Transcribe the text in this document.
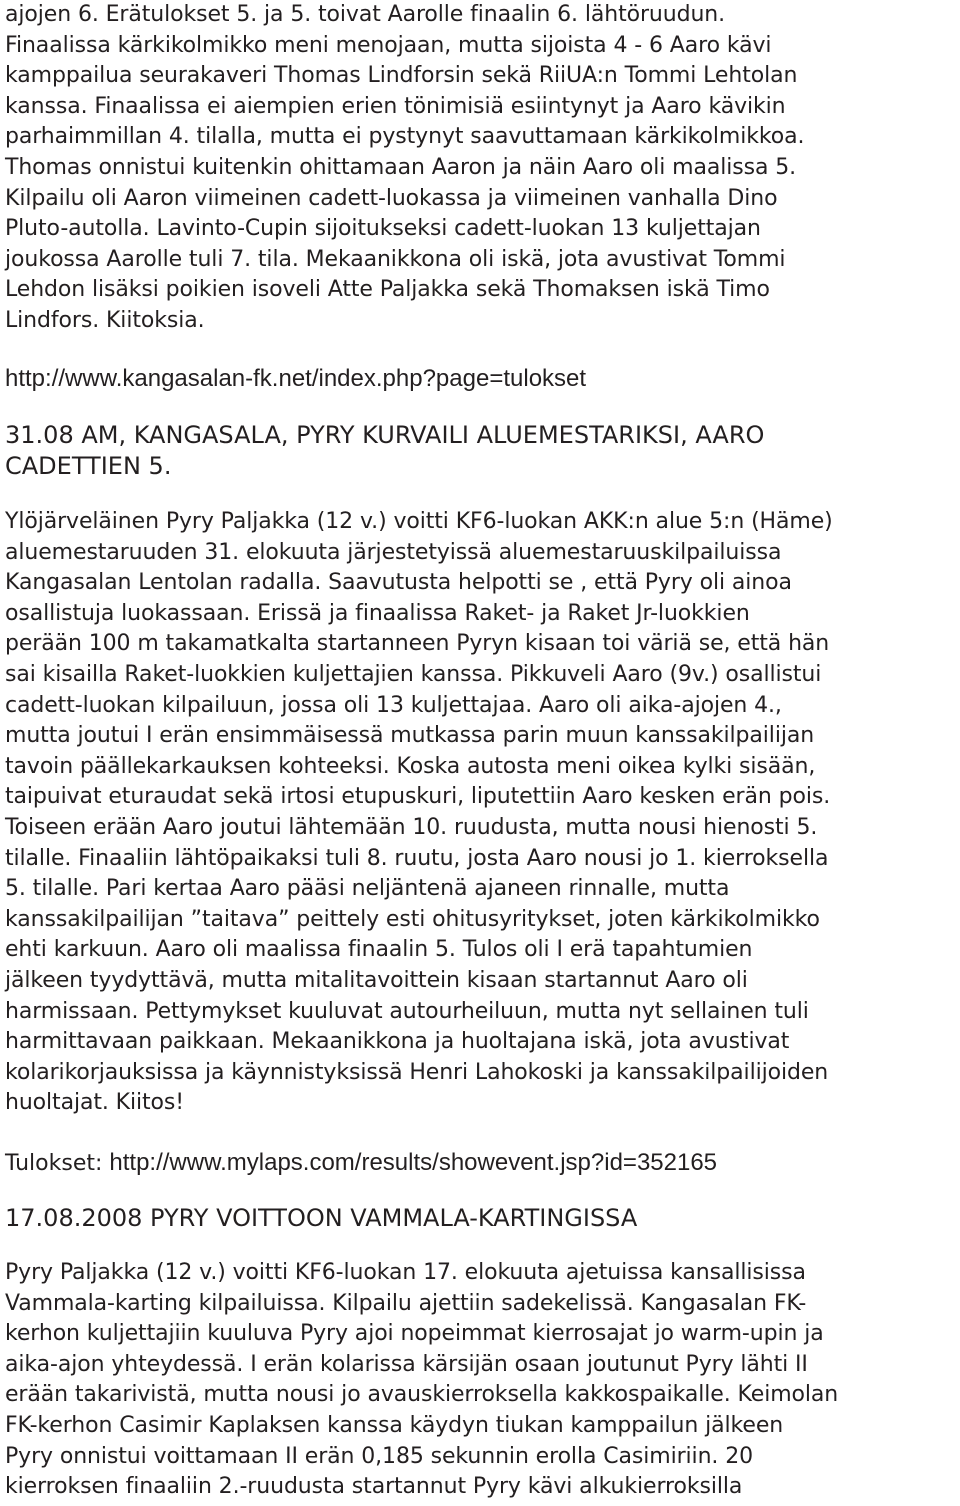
ajojen 6. Erätulokset 5. ja 5. toivat Aarolle finaalin 6. lähtöruudun.
Finaalissa kärkikolmikko meni menojaan, mutta sijoista 4 - 6 Aaro kävi
kamppailua seurakaveri Thomas Lindforsin sekä RiiUA:n Tommi Lehtolan
kanssa. Finaalissa ei aiempien erien tönimisiä esiintynyt ja Aaro kävikin
parhaimmillan 4. tilalla, mutta ei pystynyt saavuttamaan kärkikolmikkoa.
Thomas onnistui kuitenkin ohittamaan Aaron ja näin Aaro oli maalissa 5.
Kilpailu oli Aaron viimeinen cadett-luokassa ja viimeinen vanhalla Dino
Pluto-autolla. Lavinto-Cupin sijoitukseksi cadett-luokan 13 kuljettajan
joukossa Aarolle tuli 7. tila. Mekaanikkona oli iskä, jota avustivat Tommi
Lehdon lisäksi poikien isoveli Atte Paljakka sekä Thomaksen iskä Timo
Lindfors. Kiitoksia.
http://www.kangasalan-fk.net/index.php?page=tulokset
31.08 AM, KANGASALA, PYRY KURVAILI ALUEMESTARIKSI, AARO
CADETTIEN 5.
Ylöjärveläinen Pyry Paljakka (12 v.) voitti KF6-luokan AKK:n alue 5:n (Häme)
aluemestaruuden 31. elokuuta järjestetyissä aluemestaruuskilpailuissa
Kangasalan Lentolan radalla. Saavutusta helpotti se , että Pyry oli ainoa
osallistuja luokassaan. Erissä ja finaalissa Raket- ja Raket Jr-luokkien
perään 100 m takamatkalta startanneen Pyryn kisaan toi väriä se, että hän
sai kisailla Raket-luokkien kuljettajien kanssa. Pikkuveli Aaro (9v.) osallistui
cadett-luokan kilpailuun, jossa oli 13 kuljettajaa. Aaro oli aika-ajojen 4.,
mutta joutui I erän ensimmäisessä mutkassa parin muun kanssakilpailijan
tavoin päällekarkauksen kohteeksi. Koska autosta meni oikea kylki sisään,
taipuivat eturaudat sekä irtosi etupuskuri, liputettiin Aaro kesken erän pois.
Toiseen erään Aaro joutui lähtemään 10. ruudusta, mutta nousi hienosti 5.
tilalle. Finaaliin lähtöpaikaksi tuli 8. ruutu, josta Aaro nousi jo 1. kierroksella
5. tilalle. Pari kertaa Aaro pääsi neljäntenä ajaneen rinnalle, mutta
kanssakilpailijan ”taitava” peittely esti ohitusyritykset, joten kärkikolmikko
ehti karkuun. Aaro oli maalissa finaalin 5. Tulos oli I erä tapahtumien
jälkeen tyydyttävä, mutta mitalitavoittein kisaan startannut Aaro oli
harmissaan. Pettymykset kuuluvat autourheiluun, mutta nyt sellainen tuli
harmittavaan paikkaan. Mekaanikkona ja huoltajana iskä, jota avustivat
kolarikorjauksissa ja käynnistyksissä Henri Lahokoski ja kanssakilpailijoiden
huoltajat. Kiitos!
Tulokset: http://www.mylaps.com/results/showevent.jsp?id=352165
17.08.2008 PYRY VOITTOON VAMMALA-KARTINGISSA
Pyry Paljakka (12 v.) voitti KF6-luokan 17. elokuuta ajetuissa kansallisissa
Vammala-karting kilpailuissa. Kilpailu ajettiin sadekelissä. Kangasalan FK-
kerhon kuljettajiin kuuluva Pyry ajoi nopeimmat kierrosajat jo warm-upin ja
aika-ajon yhteydessä. I erän kolarissa kärsijän osaan joutunut Pyry lähti II
erään takarivistä, mutta nousi jo avauskierroksella kakkospaikalle. Keimolan
FK-kerhon Casimir Kaplaksen kanssa käydyn tiukan kamppailun jälkeen
Pyry onnistui voittamaan II erän 0,185 sekunnin erolla Casimiriin. 20
kierroksen finaaliin 2.-ruudusta startannut Pyry kävi alkukierroksilla
